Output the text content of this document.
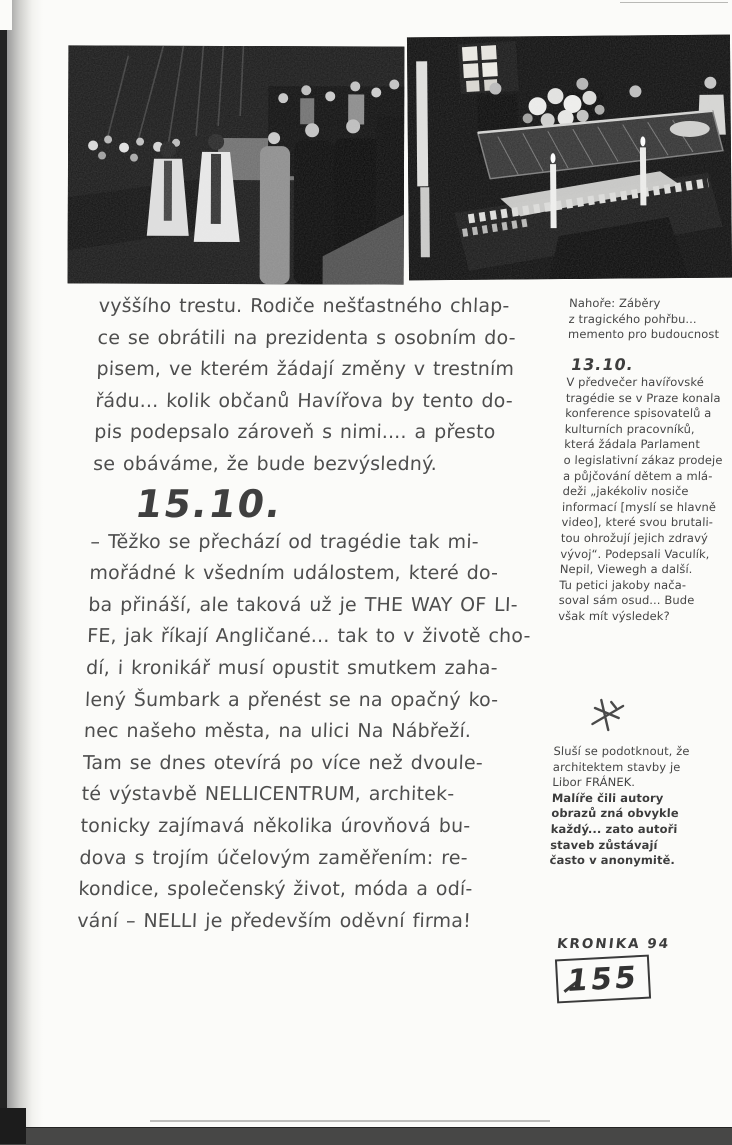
vyššího trestu. Rodiče nešťastného chlap-
ce se obrátili na prezidenta s osobním do-
pisem, ve kterém žádají změny v trestním
řádu... kolik občanů Havířova by tento do-
pis podepsalo zároveň s nimi.... a přesto
se obáváme, že bude bezvýsledný.
15.10.
– Těžko se přechází od tragédie tak mi-
mořádné k všedním událostem, které do-
ba přináší, ale taková už je THE WAY OF LI-
FE, jak říkají Angličané... tak to v životě cho-
dí, i kronikář musí opustit smutkem zaha-
lený Šumbark a přenést se na opačný ko-
nec našeho města, na ulici Na Nábřeží.
Tam se dnes otevírá po více než dvoule-
té výstavbě NELLICENTRUM, architek-
tonicky zajímavá několika úrovňová bu-
dova s trojím účelovým zaměřením: re-
kondice, společenský život, móda a odí-
vání – NELLI je především oděvní firma!
Nahoře: Záběry
z tragického pohřbu...
memento pro budoucnost
13.10.
V předvečer havířovské
tragédie se v Praze konala
konference spisovatelů a
kulturních pracovníků,
která žádala Parlament
o legislativní zákaz prodeje
a půjčování dětem a mlá-
deži „jakékoliv nosiče
informací [myslí se hlavně
video], které svou brutali-
tou ohrožují jejich zdravý
vývoj“. Podepsali Vaculík,
Nepil, Viewegh a další.
Tu petici jakoby nača-
soval sám osud... Bude
však mít výsledek?
Sluší se podotknout, že
architektem stavby je
Libor FRÁNEK.
Malíře čili autory
obrazů zná obvykle
každý... zato autoři
staveb zůstávají
často v anonymitě.
KRONIKA 94
155
